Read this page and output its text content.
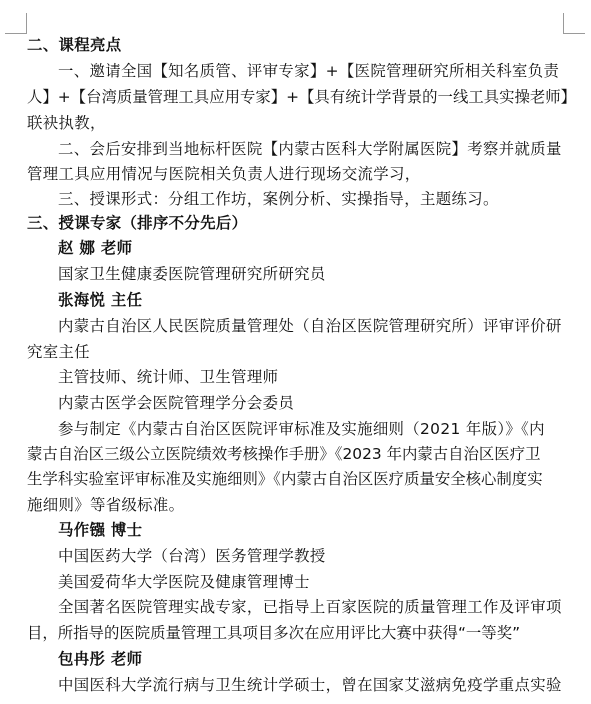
二、课程亮点
一、邀请全国【知名质管、评审专家】+【医院管理研究所相关科室负责
人】+【台湾质量管理工具应用专家】+【具有统计学背景的一线工具实操老师】
联袂执教，
二、会后安排到当地标杆医院【内蒙古医科大学附属医院】考察并就质量
管理工具应用情况与医院相关负责人进行现场交流学习，
三、授课形式：分组工作坊，案例分析、实操指导，主题练习。
三、授课专家（排序不分先后）
赵 娜 老师
国家卫生健康委医院管理研究所研究员
张海悦 主任
内蒙古自治区人民医院质量管理处（自治区医院管理研究所）评审评价研
究室主任
主管技师、统计师、卫生管理师
内蒙古医学会医院管理学分会委员
参与制定《内蒙古自治区医院评审标准及实施细则（2021 年版）》《内
蒙古自治区三级公立医院绩效考核操作手册》《2023 年内蒙古自治区医疗卫
生学科实验室评审标准及实施细则》《内蒙古自治区医疗质量安全核心制度实
施细则》等省级标准。
马作镪 博士
中国医药大学（台湾）医务管理学教授
美国爱荷华大学医院及健康管理博士
全国著名医院管理实战专家，已指导上百家医院的质量管理工作及评审项
目，所指导的医院质量管理工具项目多次在应用评比大赛中获得“一等奖”
包冉彤 老师
中国医科大学流行病与卫生统计学硕士，曾在国家艾滋病免疫学重点实验
